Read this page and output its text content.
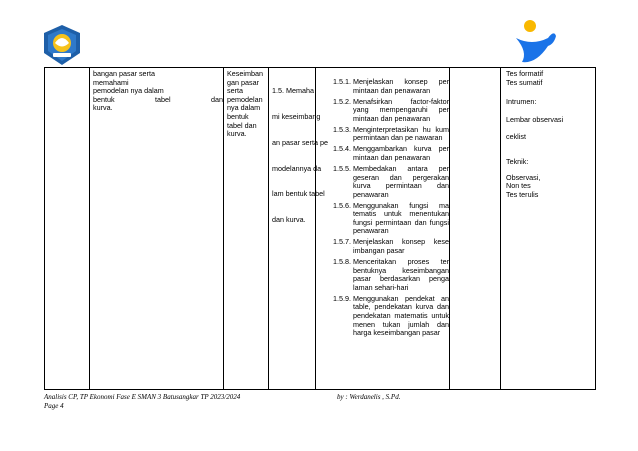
bangan pasar serta
memahami
pemodelan nya dalam
bentuk tabel dan
kurva.
Keseimban
gan pasar
serta
pemodelan
nya dalam
bentuk
tabel dan
kurva.

1.5. Memaha

mi keseimbang

an pasar serta pe

modelannya da

lam bentuk tabel

dan kurva.

1.5.1. Menjelaskan konsep per mintaan dan penawaran
1.5.2. Menafsirkan factor-faktor yang mempengaruhi per mintaan dan penawaran
1.5.3. Menginterpretasikan hu kum permintaan dan pe nawaran
1.5.4. Menggambarkan kurva per mintaan dan penawaran
1.5.5. Membedakan antara per geseran dan pergerakan kurva permintaan dan penawaran
1.5.6. Menggunakan fungsi ma tematis untuk menentukan fungsi permintaan dan fungsi penawaran
1.5.7. Menjelaskan konsep kese imbangan pasar
1.5.8. Menceritakan proses ter bentuknya keseimbangan pasar berdasarkan penga laman sehari-hari
1.5.9. Menggunakan pendekat an table, pendekatan kurva dan pendekatan matematis untuk menen tukan jumlah dan harga keseimbangan pasar

Tes formatif

Tes sumatif

Intrumen:

Lembar observasi

ceklist

Teknik:

Observasi,

Non tes

Tes terulis

Analisis CP, TP Ekonomi Fase E SMAN 3 Batusangkar TP 2023/2024
Page 4
by : Werdanelis , S.Pd.
